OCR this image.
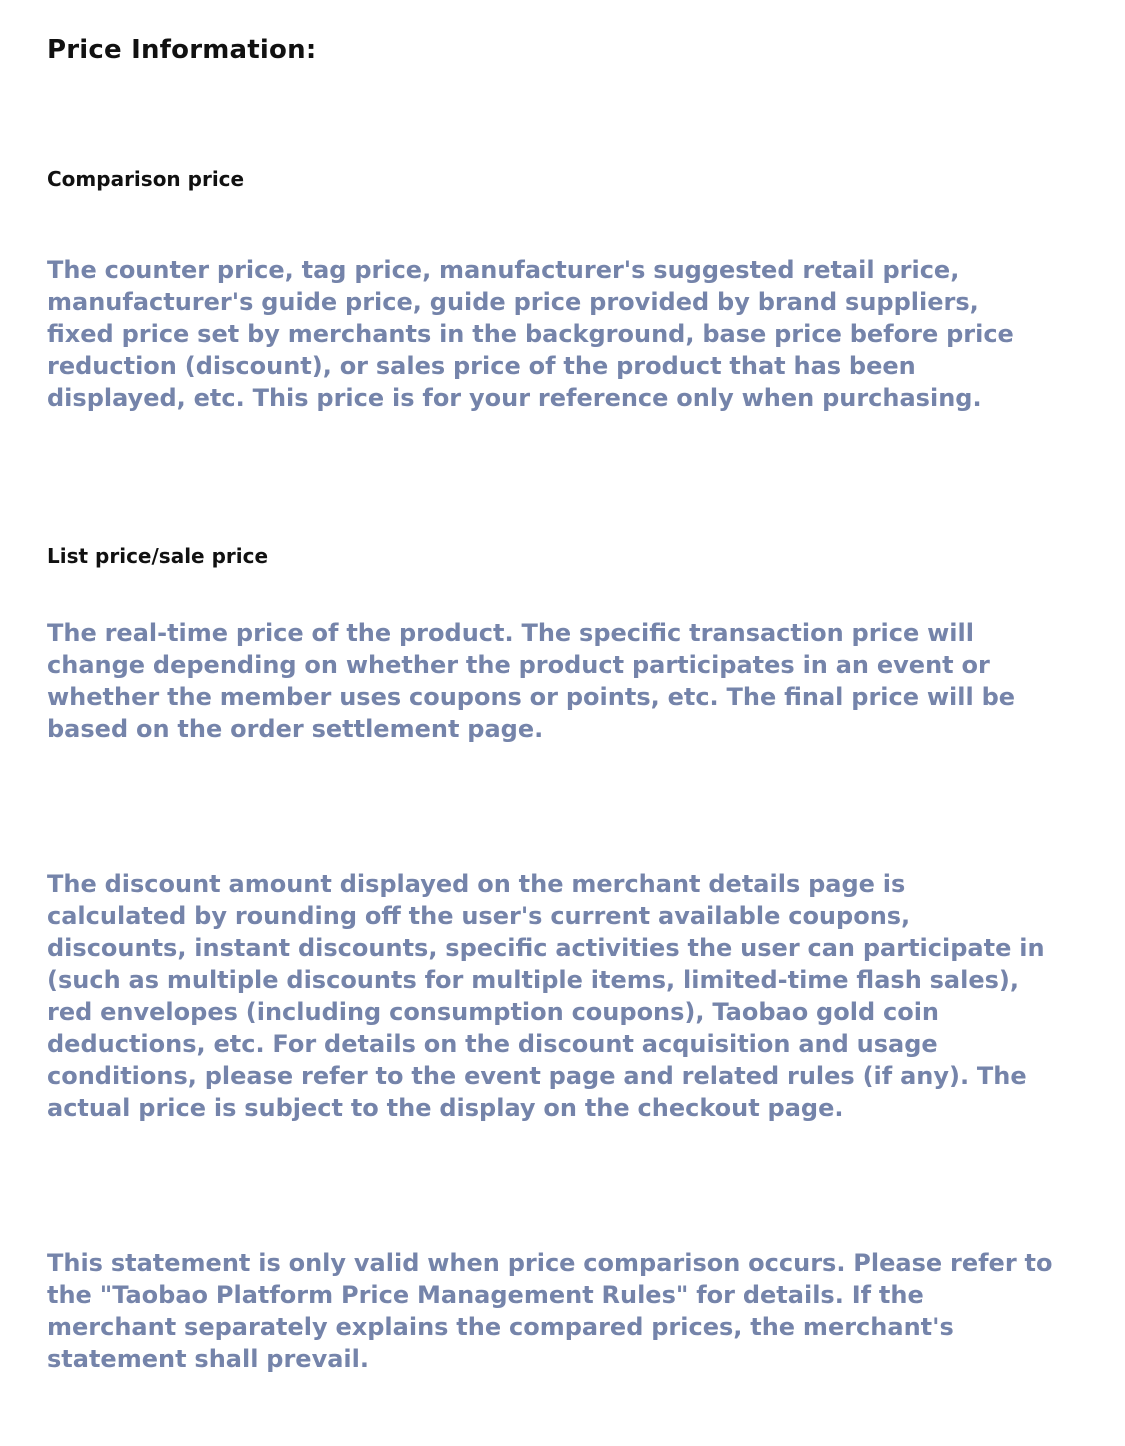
Price Information:
Comparison price

The counter price, tag price, manufacturer's suggested retail price,
manufacturer's guide price, guide price provided by brand suppliers,
fixed price set by merchants in the background, base price before price
reduction (discount), or sales price of the product that has been
displayed, etc. This price is for your reference only when purchasing.

List price/sale price

The real-time price of the product. The specific transaction price will
change depending on whether the product participates in an event or
whether the member uses coupons or points, etc. The final price will be
based on the order settlement page.

The discount amount displayed on the merchant details page is
calculated by rounding off the user's current available coupons,
discounts, instant discounts, specific activities the user can participate in
(such as multiple discounts for multiple items, limited-time flash sales),
red envelopes (including consumption coupons), Taobao gold coin
deductions, etc. For details on the discount acquisition and usage
conditions, please refer to the event page and related rules (if any). The
actual price is subject to the display on the checkout page.

This statement is only valid when price comparison occurs. Please refer to
the "Taobao Platform Price Management Rules" for details. If the
merchant separately explains the compared prices, the merchant's
statement shall prevail.
